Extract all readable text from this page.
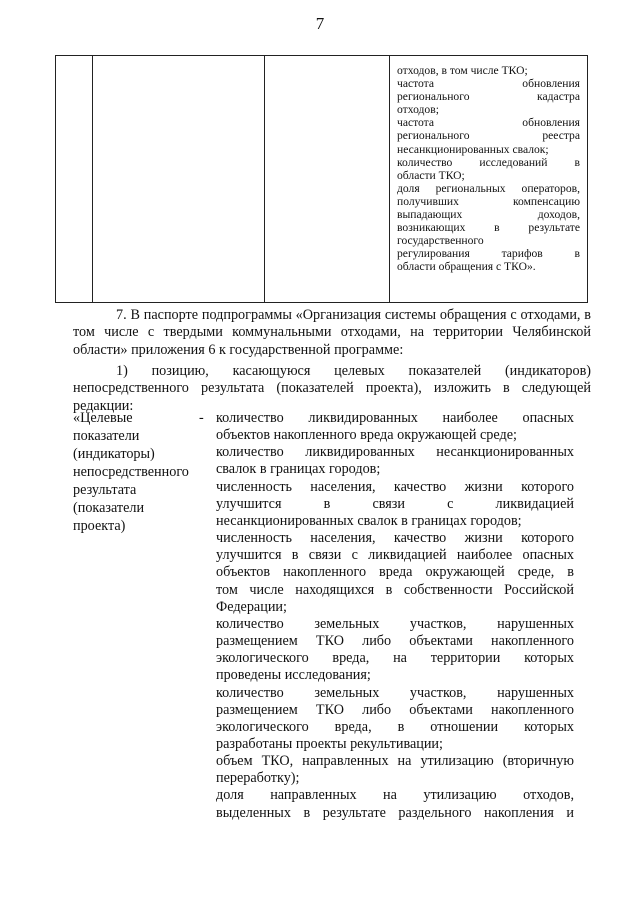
7
отходов, в том числе ТКО;
частота обновления
регионального кадастра
отходов;
частота обновления
регионального реестра
несанкционированных свалок;
количество исследований в
области ТКО;
доля региональных операторов,
получивших компенсацию
выпадающих доходов,
возникающих в результате
государственного
регулирования тарифов в
области обращения с ТКО».
7. В паспорте подпрограммы «Организация системы обращения с отходами, в том числе с твердыми коммунальными отходами, на территории Челябинской области» приложения 6 к государственной программе:
1) позицию, касающуюся целевых показателей (индикаторов) непосредственного результата (показателей проекта), изложить в следующей редакции:
«Целевые
показатели
(индикаторы)
непосредственного
результата
(показатели
проекта)
- количество ликвидированных наиболее опасных
объектов накопленного вреда окружающей среде;
количество ликвидированных несанкционированных
свалок в границах городов;
численность населения, качество жизни которого
улучшится в связи с ликвидацией
несанкционированных свалок в границах городов;
численность населения, качество жизни которого
улучшится в связи с ликвидацией наиболее опасных
объектов накопленного вреда окружающей среде, в
том числе находящихся в собственности Российской
Федерации;
количество земельных участков, нарушенных
размещением ТКО либо объектами накопленного
экологического вреда, на территории которых
проведены исследования;
количество земельных участков, нарушенных
размещением ТКО либо объектами накопленного
экологического вреда, в отношении которых
разработаны проекты рекультивации;
объем ТКО, направленных на утилизацию (вторичную
переработку);
доля направленных на утилизацию отходов,
выделенных в результате раздельного накопления и
